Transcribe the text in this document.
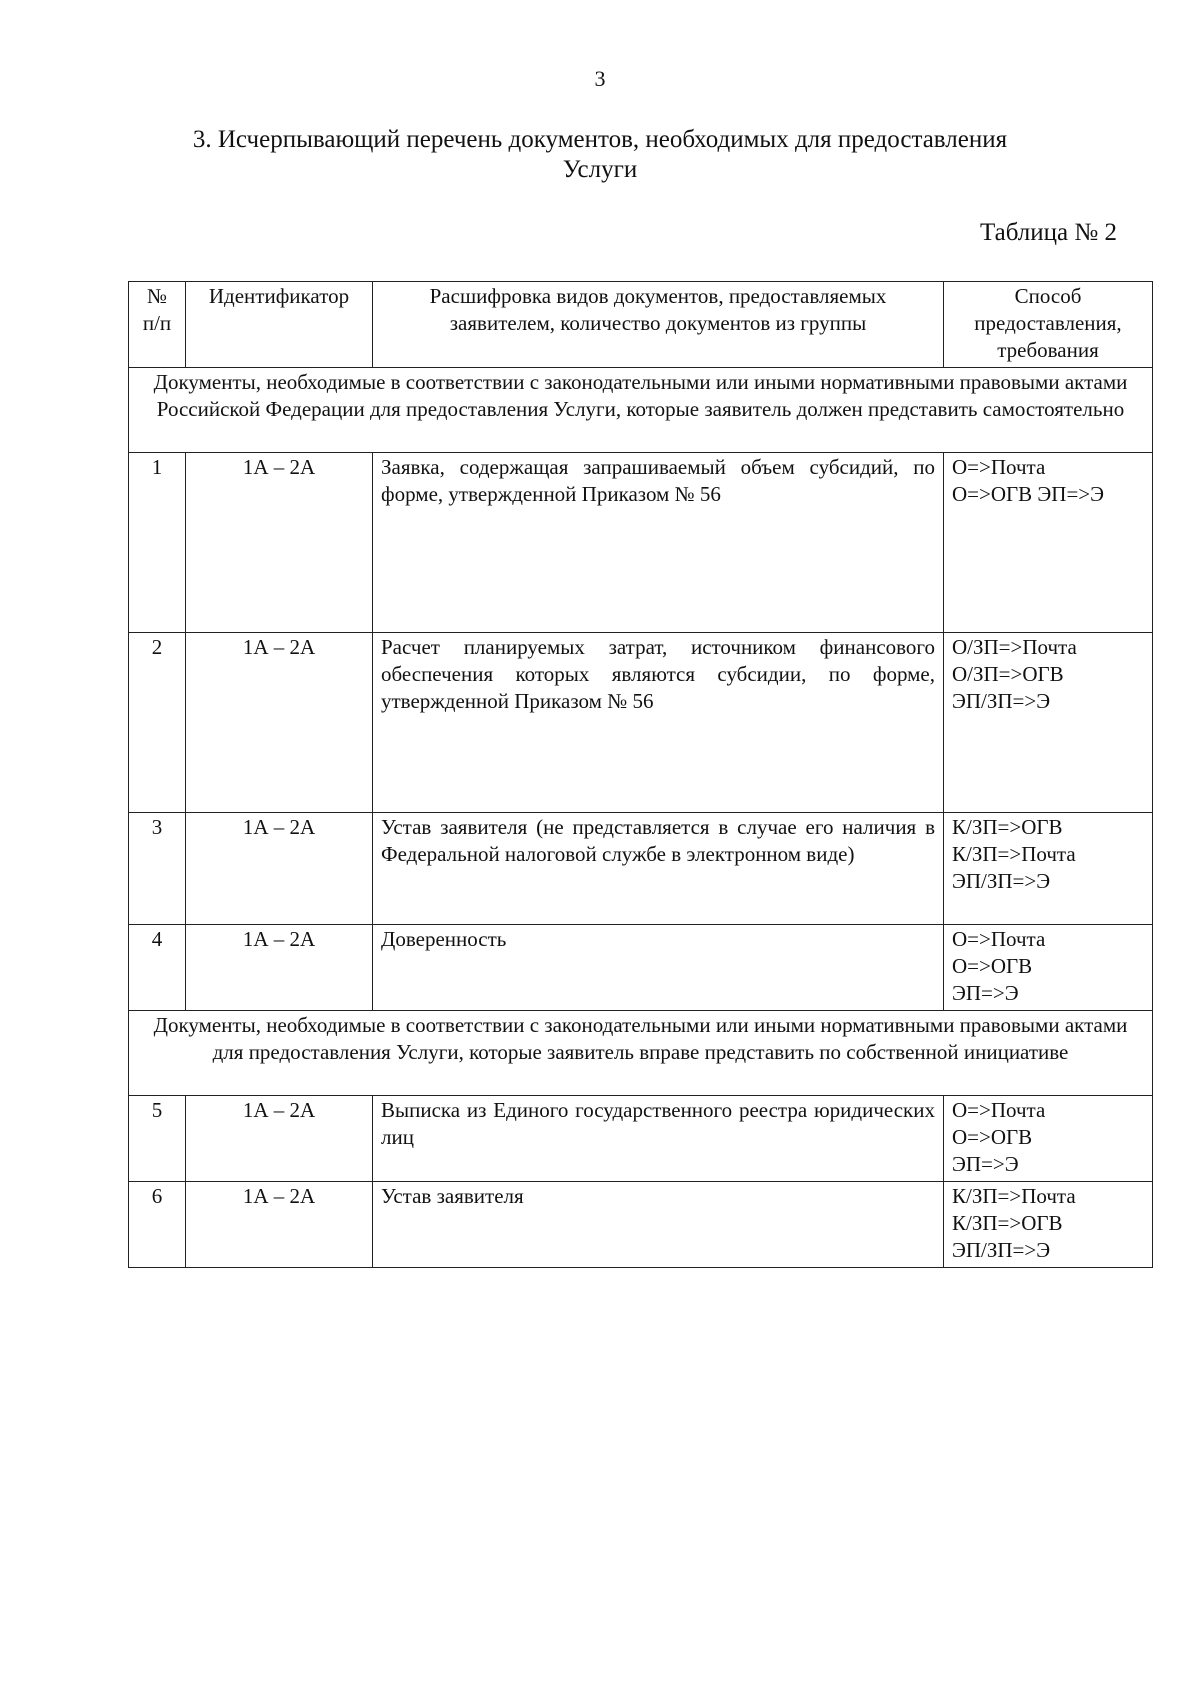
3
3. Исчерпывающий перечень документов, необходимых для предоставления
Услуги
Таблица № 2
№ п/п	Идентификатор	Расшифровка видов документов, предоставляемых заявителем, количество документов из группы	Способ предоставления, требования
Документы, необходимые в соответствии с законодательными или иными нормативными правовыми актами Российской Федерации для предоставления Услуги, которые заявитель должен представить самостоятельно			
1	1А – 2А	Заявка, содержащая запрашиваемый объем субсидий, по форме, утвержденной Приказом № 56	О=>Почта
О=>ОГВ ЭП=>Э

2	1А – 2А	Расчет планируемых затрат, источником финансового обеспечения которых являются субсидии, по форме, утвержденной Приказом № 56	О/ЗП=>Почта
О/ЗП=>ОГВ
ЭП/ЗП=>Э

3	1А – 2А	Устав заявителя (не представляется в случае его наличия в Федеральной налоговой службе в электронном виде)	К/ЗП=>ОГВ
К/ЗП=>Почта
ЭП/ЗП=>Э

4	1А – 2А	Доверенность	О=>Почта
О=>ОГВ
ЭП=>Э

Документы, необходимые в соответствии с законодательными или иными нормативными правовыми актами для предоставления Услуги, которые заявитель вправе представить по собственной инициативе			
5	1А – 2А	Выписка из Единого государственного реестра юридических лиц	О=>Почта
О=>ОГВ
ЭП=>Э

6	1А – 2А	Устав заявителя	К/ЗП=>Почта
К/ЗП=>ОГВ
ЭП/ЗП=>Э
